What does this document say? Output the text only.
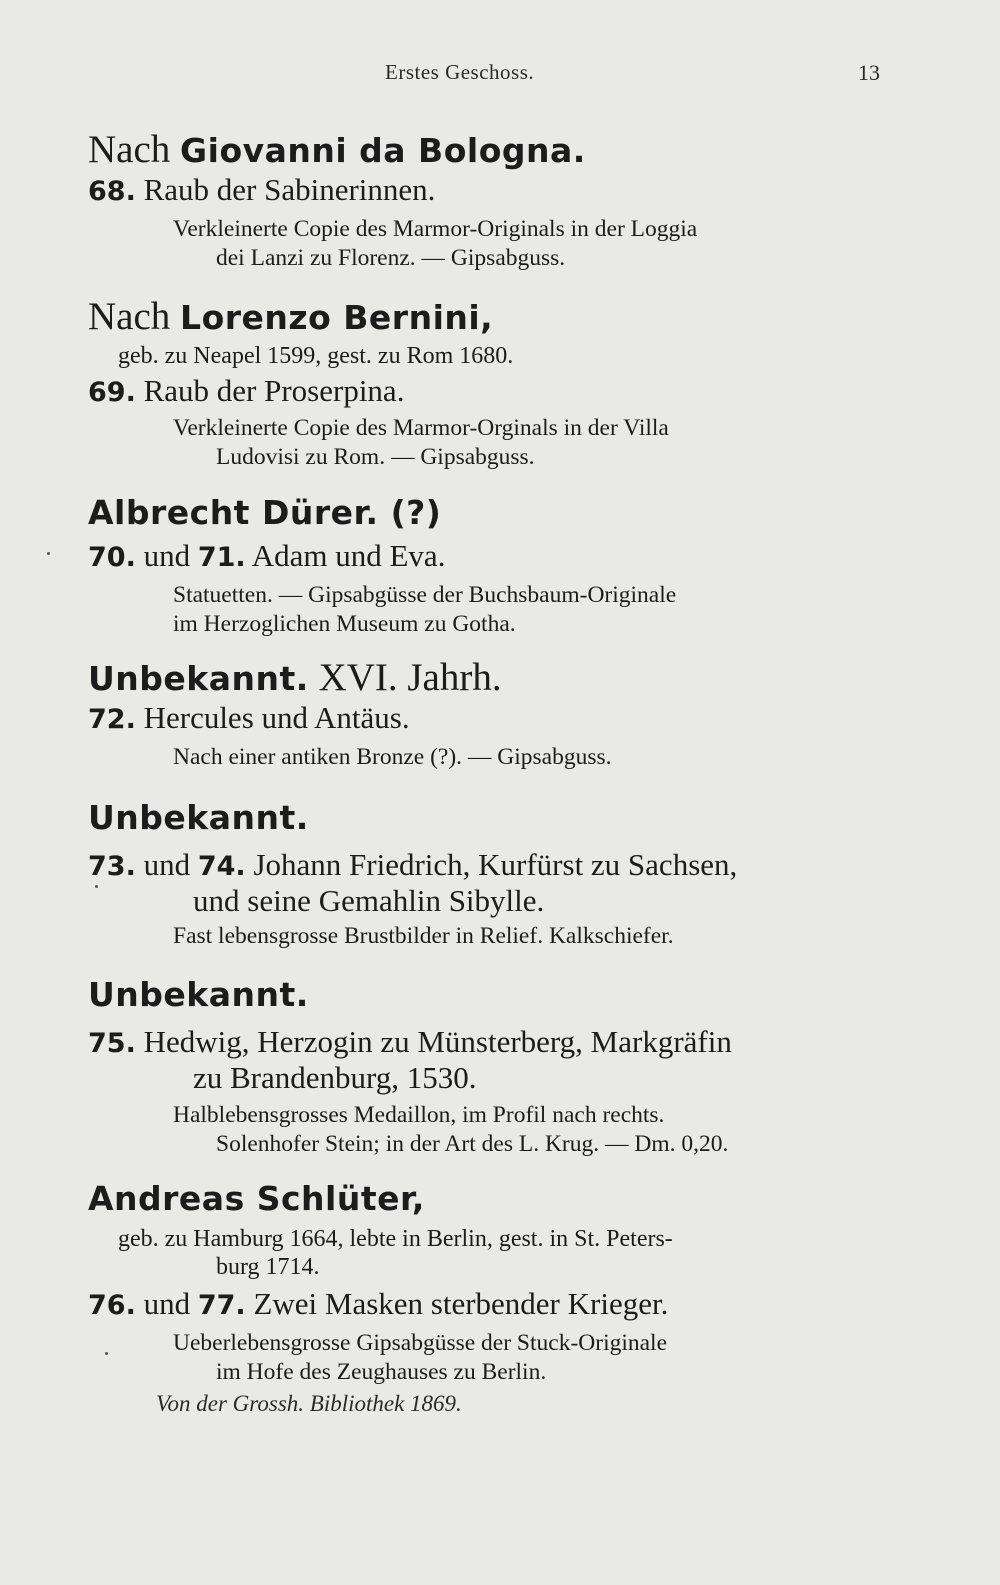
Erstes Geschoss.	13
Nach Giovanni da Bologna.
68. Raub der Sabinerinnen.
Verkleinerte Copie des Marmor-Originals in der Loggia
dei Lanzi zu Florenz. — Gipsabguss.
Nach Lorenzo Bernini,
geb. zu Neapel 1599, gest. zu Rom 1680.
69. Raub der Proserpina.
Verkleinerte Copie des Marmor-Orginals in der Villa
Ludovisi zu Rom. — Gipsabguss.
Albrecht Dürer. (?)
70. und 71. Adam und Eva.
Statuetten. — Gipsabgüsse der Buchsbaum-Originale
im Herzoglichen Museum zu Gotha.
Unbekannt. XVI. Jahrh.
72. Hercules und Antäus.
Nach einer antiken Bronze (?). — Gipsabguss.
Unbekannt.
73. und 74. Johann Friedrich, Kurfürst zu Sachsen,
und seine Gemahlin Sibylle.
Fast lebensgrosse Brustbilder in Relief. Kalkschiefer.
Unbekannt.
75. Hedwig, Herzogin zu Münsterberg, Markgräfin
zu Brandenburg, 1530.
Halblebensgrosses Medaillon, im Profil nach rechts.
Solenhofer Stein; in der Art des L. Krug. — Dm. 0,20.
Andreas Schlüter,
geb. zu Hamburg 1664, lebte in Berlin, gest. in St. Peters-
burg 1714.
76. und 77. Zwei Masken sterbender Krieger.
Ueberlebensgrosse Gipsabgüsse der Stuck-Originale
im Hofe des Zeughauses zu Berlin.
Von der Grossh. Bibliothek 1869.
